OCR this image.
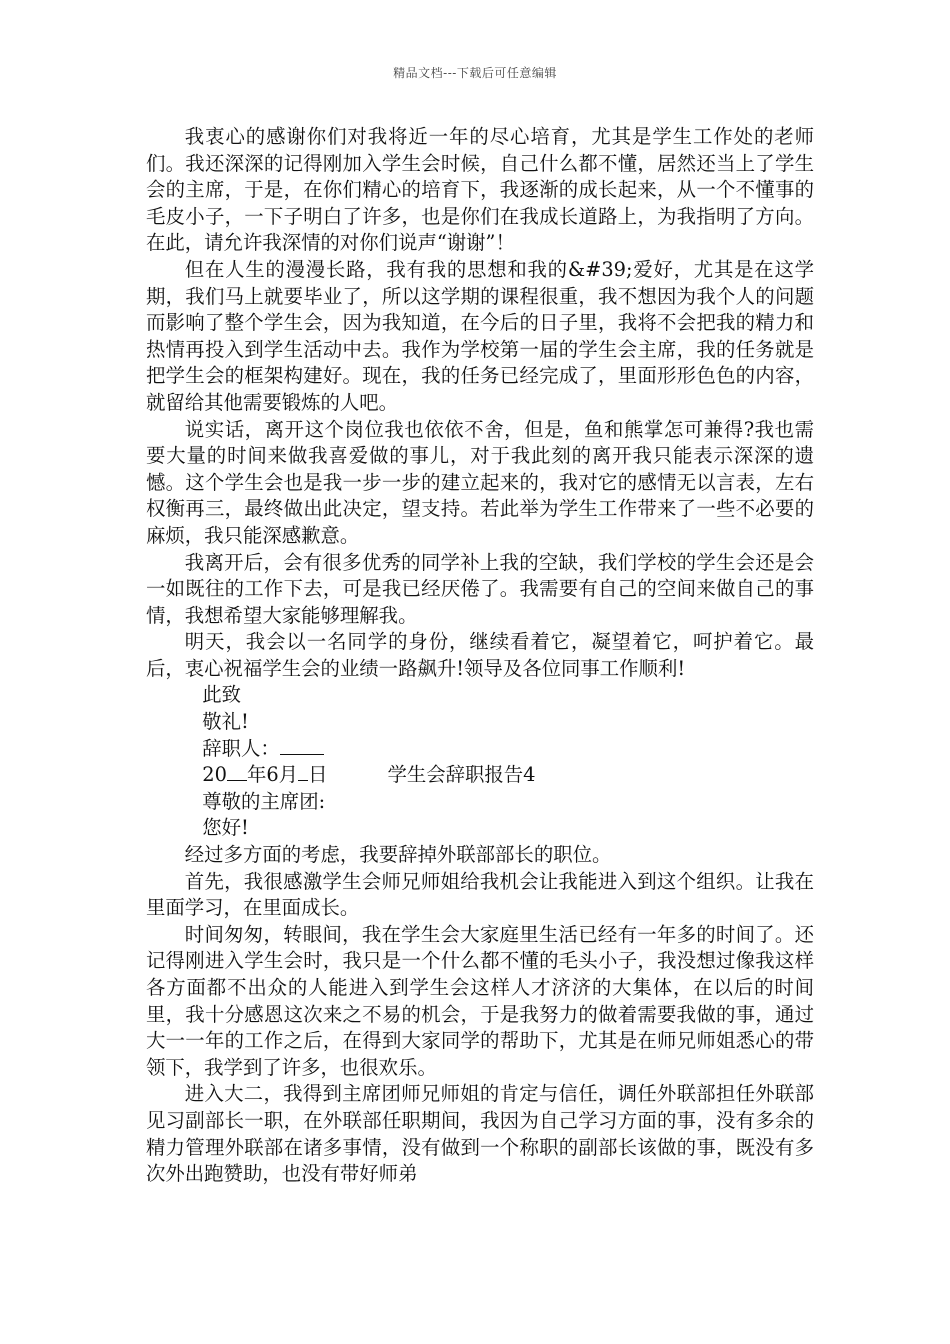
精品文档---下载后可任意编辑

我衷心的感谢你们对我将近一年的尽心培育，尤其是学生工作处的老师们。我还深深的记得刚加入学生会时候，自己什么都不懂，居然还当上了学生会的主席，于是，在你们精心的培育下，我逐渐的成长起来，从一个不懂事的毛皮小子，一下子明白了许多，也是你们在我成长道路上，为我指明了方向。在此，请允许我深情的对你们说声“谢谢”！

但在人生的漫漫长路，我有我的思想和我的&#39;爱好，尤其是在这学期，我们马上就要毕业了，所以这学期的课程很重，我不想因为我个人的问题而影响了整个学生会，因为我知道，在今后的日子里，我将不会把我的精力和热情再投入到学生活动中去。我作为学校第一届的学生会主席，我的任务就是把学生会的框架构建好。现在，我的任务已经完成了，里面形形色色的内容，就留给其他需要锻炼的人吧。

说实话，离开这个岗位我也依依不舍，但是，鱼和熊掌怎可兼得?我也需要大量的时间来做我喜爱做的事儿，对于我此刻的离开我只能表示深深的遗憾。这个学生会也是我一步一步的建立起来的，我对它的感情无以言表，左右权衡再三，最终做出此决定，望支持。若此举为学生工作带来了一些不必要的麻烦，我只能深感歉意。

我离开后，会有很多优秀的同学补上我的空缺，我们学校的学生会还是会一如既往的工作下去，可是我已经厌倦了。我需要有自己的空间来做自己的事情，我想希望大家能够理解我。

明天，我会以一名同学的身份，继续看着它，凝望着它，呵护着它。最后，衷心祝福学生会的业绩一路飙升!领导及各位同事工作顺利!

此致

敬礼!

辞职人：

20 年6月 日	学生会辞职报告4

尊敬的主席团:

您好!

经过多方面的考虑，我要辞掉外联部部长的职位。

首先，我很感激学生会师兄师姐给我机会让我能进入到这个组织。让我在里面学习，在里面成长。

时间匆匆，转眼间，我在学生会大家庭里生活已经有一年多的时间了。还记得刚进入学生会时，我只是一个什么都不懂的毛头小子，我没想过像我这样各方面都不出众的人能进入到学生会这样人才济济的大集体，在以后的时间里，我十分感恩这次来之不易的机会，于是我努力的做着需要我做的事，通过大一一年的工作之后，在得到大家同学的帮助下，尤其是在师兄师姐悉心的带领下，我学到了许多，也很欢乐。

进入大二，我得到主席团师兄师姐的肯定与信任，调任外联部担任外联部见习副部长一职，在外联部任职期间，我因为自己学习方面的事，没有多余的精力管理外联部在诸多事情，没有做到一个称职的副部长该做的事，既没有多次外出跑赞助，也没有带好师弟
